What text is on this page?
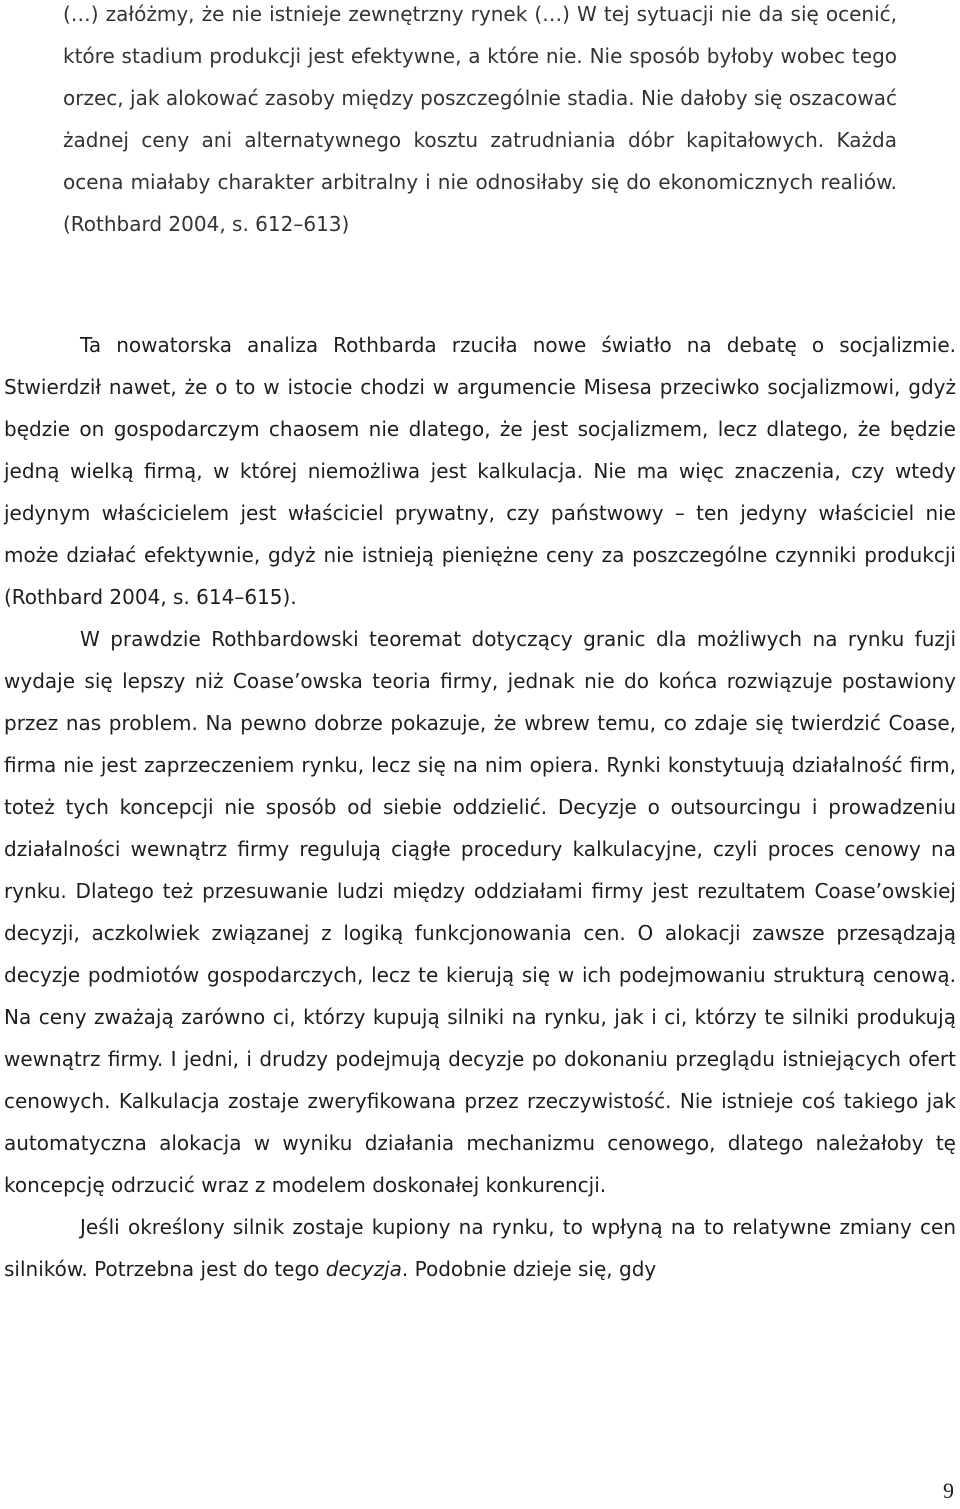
(…) załóżmy, że nie istnieje zewnętrzny rynek (…) W tej sytuacji nie da się ocenić, które stadium produkcji jest efektywne, a które nie. Nie sposób byłoby wobec tego orzec, jak alokować zasoby między poszczególnie stadia. Nie dałoby się oszacować żadnej ceny ani alternatywnego kosztu zatrudniania dóbr kapitałowych. Każda ocena miałaby charakter arbitralny i nie odnosiłaby się do ekonomicznych realiów. (Rothbard 2004, s. 612–613)

Ta nowatorska analiza Rothbarda rzuciła nowe światło na debatę o socjalizmie. Stwierdził nawet, że o to w istocie chodzi w argumencie Misesa przeciwko socjalizmowi, gdyż będzie on gospodarczym chaosem nie dlatego, że jest socjalizmem, lecz dlatego, że będzie jedną wielką firmą, w której niemożliwa jest kalkulacja. Nie ma więc znaczenia, czy wtedy jedynym właścicielem jest właściciel prywatny, czy państwowy – ten jedyny właściciel nie może działać efektywnie, gdyż nie istnieją pieniężne ceny za poszczególne czynniki produkcji (Rothbard 2004, s. 614–615).

W prawdzie Rothbardowski teoremat dotyczący granic dla możliwych na rynku fuzji wydaje się lepszy niż Coase’owska teoria firmy, jednak nie do końca rozwiązuje postawiony przez nas problem. Na pewno dobrze pokazuje, że wbrew temu, co zdaje się twierdzić Coase, firma nie jest zaprzeczeniem rynku, lecz się na nim opiera. Rynki konstytuują działalność firm, toteż tych koncepcji nie sposób od siebie oddzielić. Decyzje o outsourcingu i prowadzeniu działalności wewnątrz firmy regulują ciągłe procedury kalkulacyjne, czyli proces cenowy na rynku. Dlatego też przesuwanie ludzi między oddziałami firmy jest rezultatem Coase’owskiej decyzji, aczkolwiek związanej z logiką funkcjonowania cen. O alokacji zawsze przesądzają decyzje podmiotów gospodarczych, lecz te kierują się w ich podejmowaniu strukturą cenową. Na ceny zważają zarówno ci, którzy kupują silniki na rynku, jak i ci, którzy te silniki produkują wewnątrz firmy. I jedni, i drudzy podejmują decyzje po dokonaniu przeglądu istniejących ofert cenowych. Kalkulacja zostaje zweryfikowana przez rzeczywistość. Nie istnieje coś takiego jak automatyczna alokacja w wyniku działania mechanizmu cenowego, dlatego należałoby tę koncepcję odrzucić wraz z modelem doskonałej konkurencji.

Jeśli określony silnik zostaje kupiony na rynku, to wpłyną na to relatywne zmiany cen silników. Potrzebna jest do tego decyzja. Podobnie dzieje się, gdy

9
